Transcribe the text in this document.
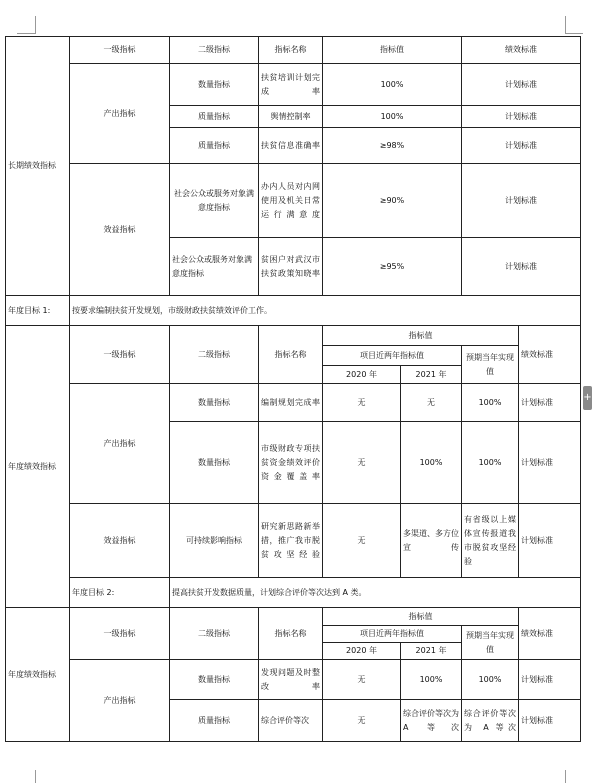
+
长期绩效指标	一级指标	二级指标	指标名称	指标值		绩效标准	
	产出指标	数量指标	扶贫培训计划完成率	100%		计划标准	
		质量指标	舆情控制率	100%		计划标准	
		质量指标	扶贫信息准确率	≥98%		计划标准	
	效益指标	社会公众或服务对象满意度指标	办内人员对内网使用及机关日常运行满意度	≥90%		计划标准	
		社会公众或服务对象满意度指标	贫困户对武汉市扶贫政策知晓率	≥95%		计划标准	
年度目标 1:	按要求编制扶贫开发规划，市级财政扶贫绩效评价工作。						
年度绩效指标	一级指标	二级指标	指标名称	指标值			绩效标准
				项目近两年指标值		预期当年实现值	
				2020 年	2021 年		
	产出指标	数量指标	编制规划完成率	无	无	100%	计划标准
		数量指标	市级财政专项扶贫资金绩效评价资金覆盖率	无	100%	100%	计划标准
	效益指标	可持续影响指标	研究新思路新举措，推广我市脱贫攻坚经验	无	多渠道、多方位宣传	有省级以上媒体宣传报道我市脱贫攻坚经验	计划标准
	年度目标 2:	提高扶贫开发数据质量，计划综合评价等次达到 A 类。					
年度绩效指标	一级指标	二级指标	指标名称	指标值			绩效标准
				项目近两年指标值		预期当年实现值	
				2020 年	2021 年		
	产出指标	数量指标	发现问题及时整改率	无	100%	100%	计划标准
		质量指标	综合评价等次	无	综合评价等次为 A 等次	综合评价等次为 A 等次	计划标准
